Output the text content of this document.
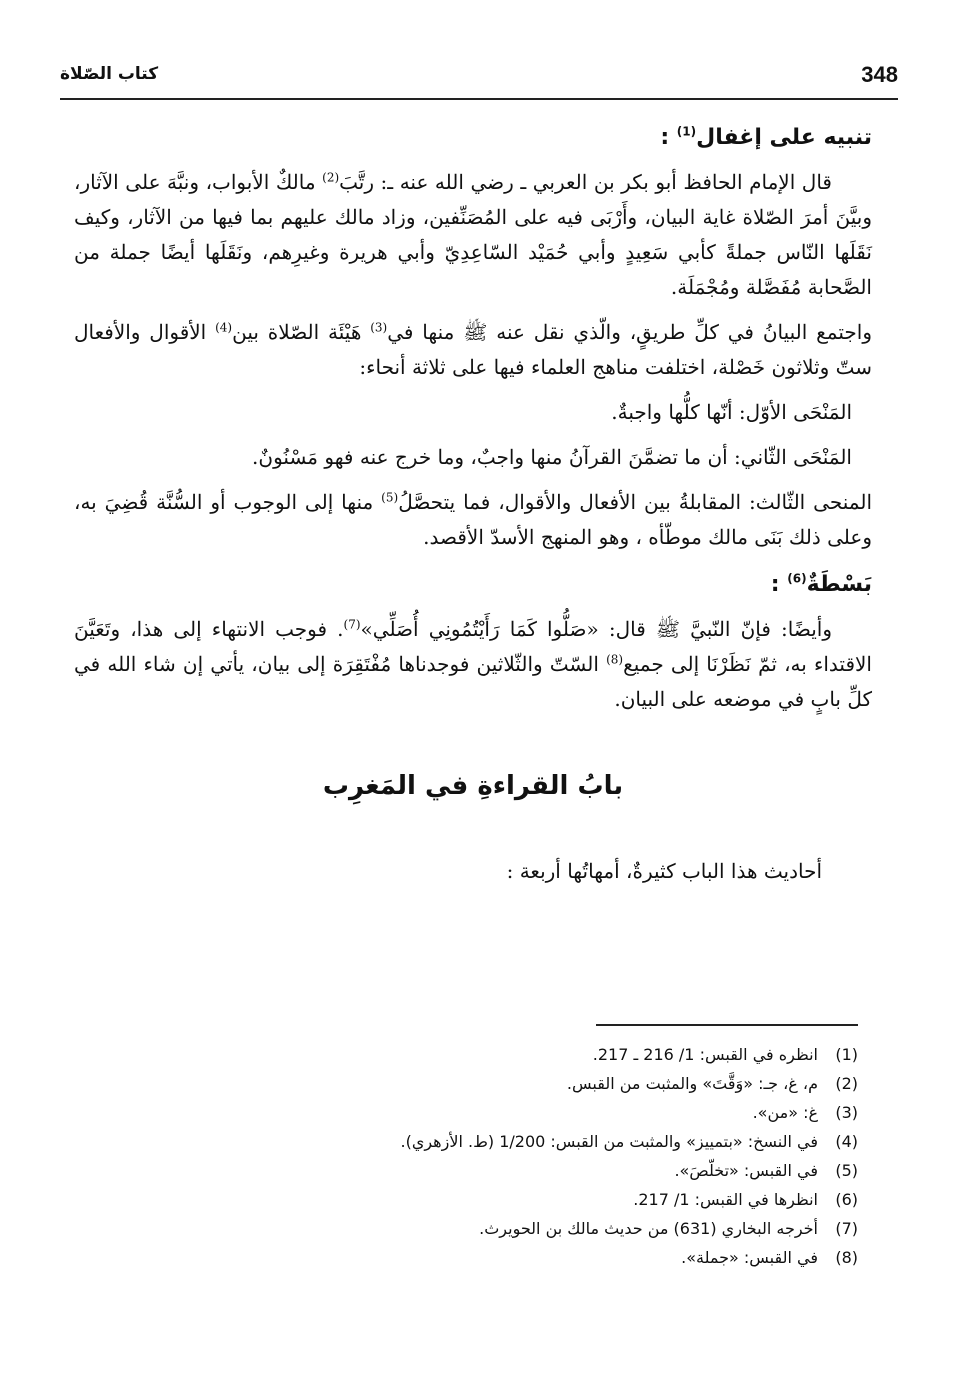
348
كتاب الصّلاة
تنبيه على إغفال$^{(1)}$ :

قال الإمام الحافظ أبو بكر بن العربي ـ رضي الله عنه ـ: رتَّبَ$^{(2)}$ مالكٌ الأبواب، ونبَّهَ على الآثار، وبيَّنَ أمرَ الصّلاة غاية البيان، وأَرْبَى فيه على المُصَنِّفين، وزاد مالك عليهم بما فيها من الآثار، وكيف نَقَلَها النّاس جملةً كأبي سَعِيدٍ وأبي حُمَيْد السّاعِدِيّ وأبي هريرة وغيرِهم، ونَقَلَها أيضًا جملة من الصَّحابة مُفَصَّلة ومُجْمَلَة.

واجتمع البيانُ في كلِّ طريقٍ، والّذي نقل عنه ﷺ منها في$^{(3)}$ هَيْئَة الصّلاة بين$^{(4)}$ الأقوال والأفعال ستّ وثلاثون خَصْلة، اختلفت مناهج العلماء فيها على ثلاثة أنحاء:

المَنْحَى الأوّل: أنّها كلُّها واجبةٌ.

المَنْحَى الثّاني: أن ما تضمَّنَ القرآنُ منها واجبٌ، وما خرج عنه فهو مَسْنُونٌ.

المنحى الثّالث: المقابلةُ بين الأفعال والأقوال، فما يتحصَّلُ$^{(5)}$ منها إلى الوجوب أو السُّنَّة قُضِيَ به، وعلى ذلك بَنَى مالك موطّأه ، وهو المنهج الأسدّ الأقصد.

بَسْطَةٌ$^{(6)}$ :

وأيضًا: فإنّ النّبيَّ ﷺ قال: «صَلُّوا كَمَا رَأَيْتُمُونِي أُصَلِّي»$^{(7)}$. فوجب الانتهاء إلى هذا، وتَعَيَّنَ الاقتداء به، ثمّ نَظَرْنَا إلى جميع$^{(8)}$ السّتّ والثّلاثين فوجدناها مُفْتَقِرَة إلى بيان، يأتي إن شاء الله في كلِّ بابٍ في موضعه على البيان.

بابُ القراءةِ في المَغرِب

أحاديث هذا الباب كثيرةٌ، أمهاتُها أربعة :

(1)
انظره في القبس: 1/ 216 ـ 217.
(2)
م، غ، جـ: «وَقَّتَ» والمثبت من القبس.
(3)
غ: «من».
(4)
في النسخ: «بتمييز» والمثبت من القبس: 1/200 (ط. الأزهري).
(5)
في القبس: «تخلّصَ».
(6)
انظرها في القبس: 1/ 217.
(7)
أخرجه البخاري (631) من حديث مالك بن الحويرث.
(8)
في القبس: «جملة».
